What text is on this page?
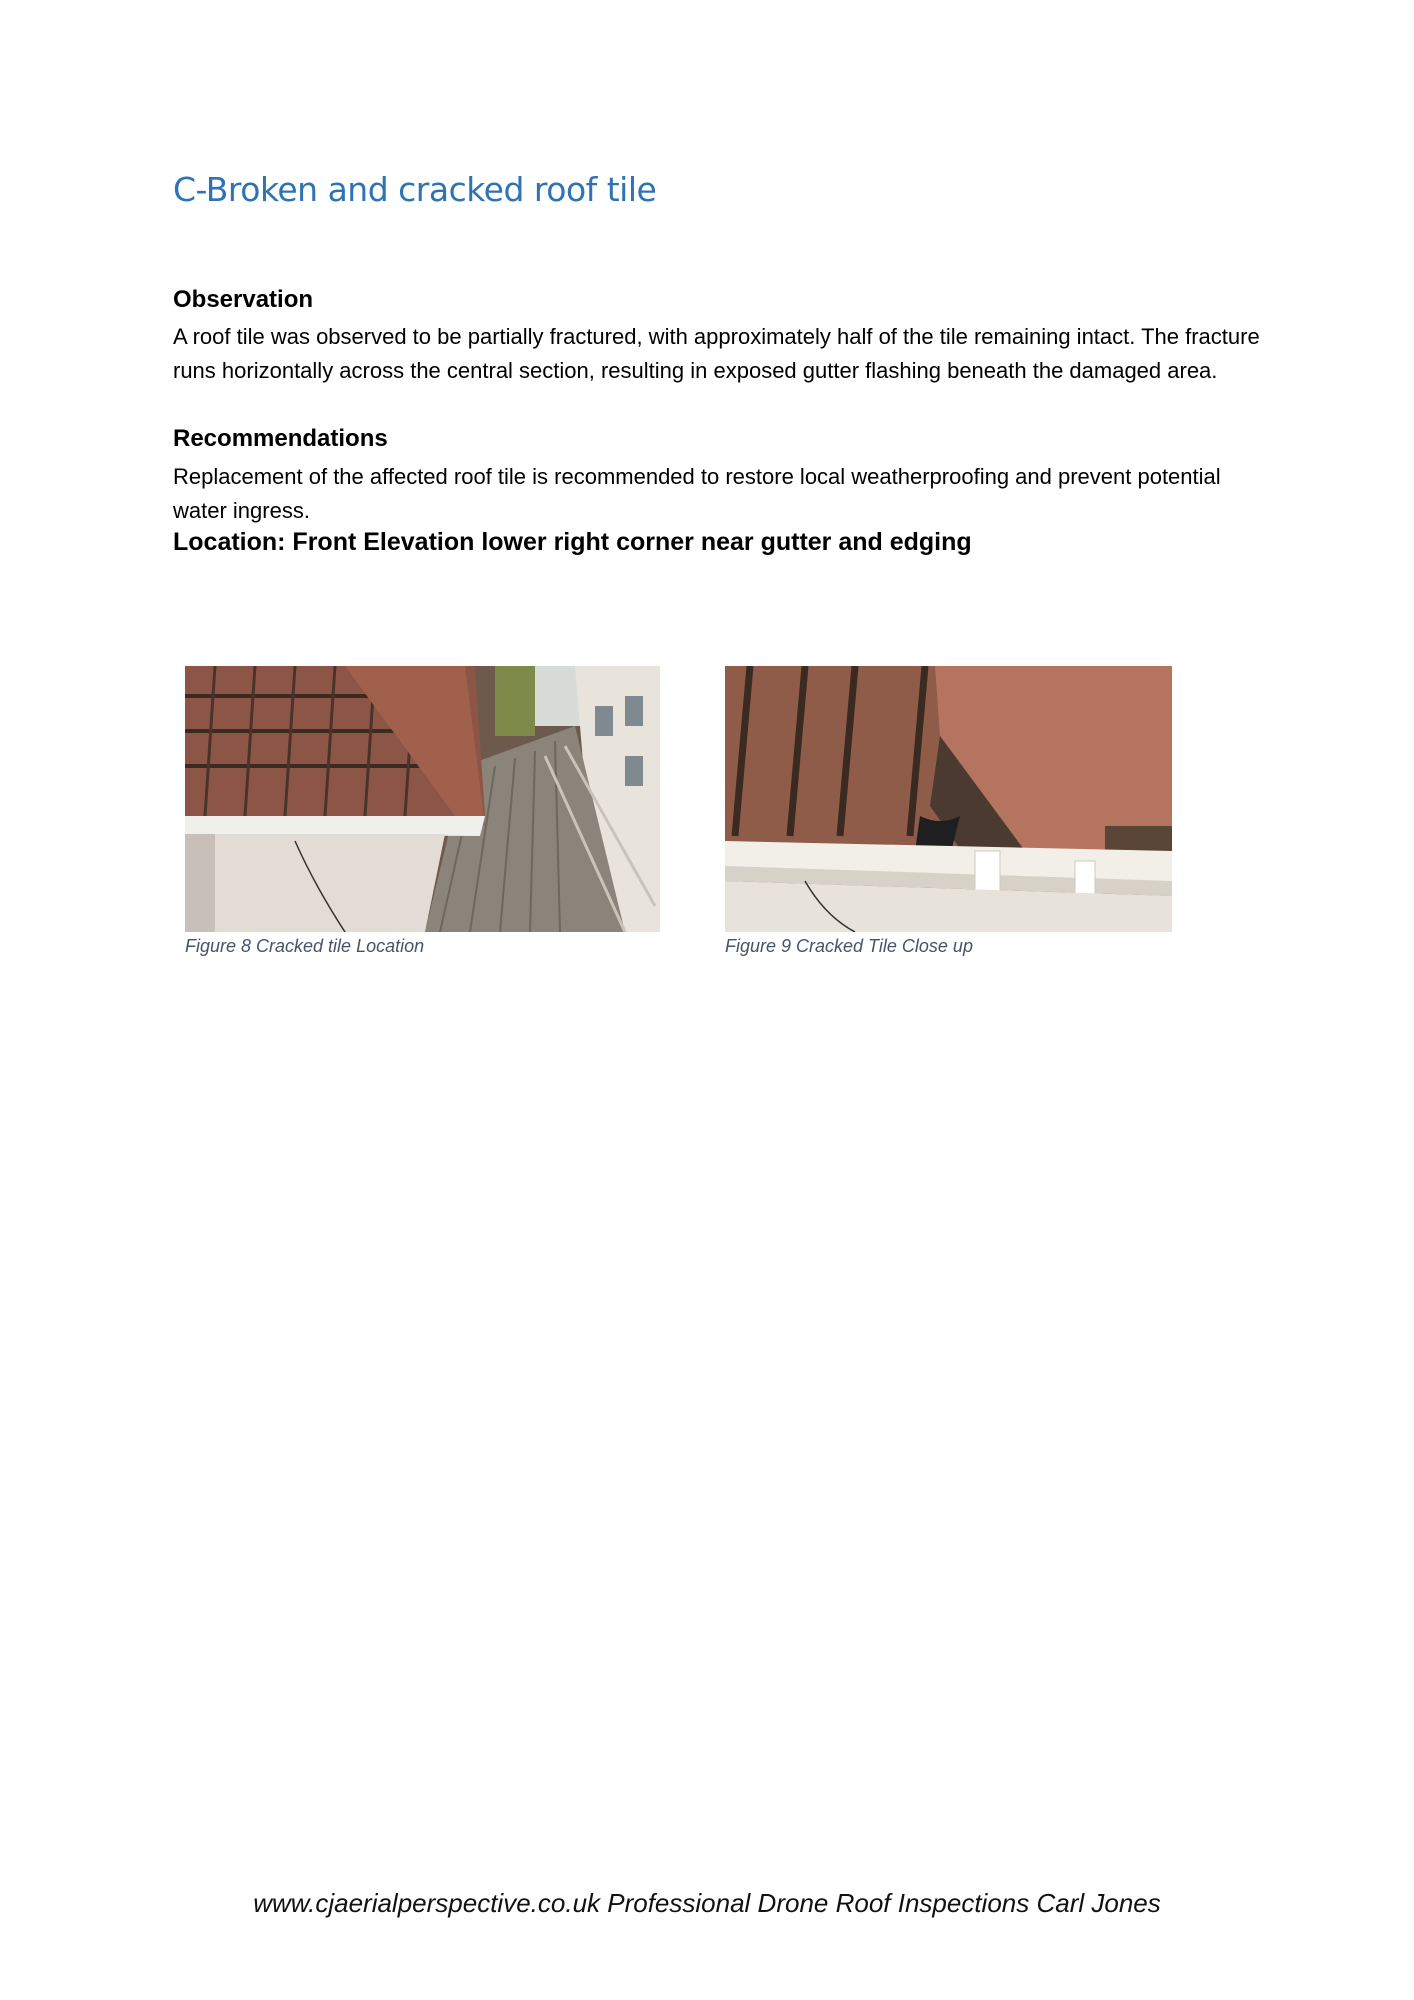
C-Broken and cracked roof tile
Observation

A roof tile was observed to be partially fractured, with approximately half of the tile remaining intact. The fracture runs horizontally across the central section, resulting in exposed gutter flashing beneath the damaged area.

Recommendations

Replacement of the affected roof tile is recommended to restore local weatherproofing and prevent potential water ingress.

Location: Front Elevation lower right corner near gutter and edging

Figure 8 Cracked tile Location	Figure 9 Cracked Tile Close up

www.cjaerialperspective.co.uk Professional Drone Roof Inspections Carl Jones
